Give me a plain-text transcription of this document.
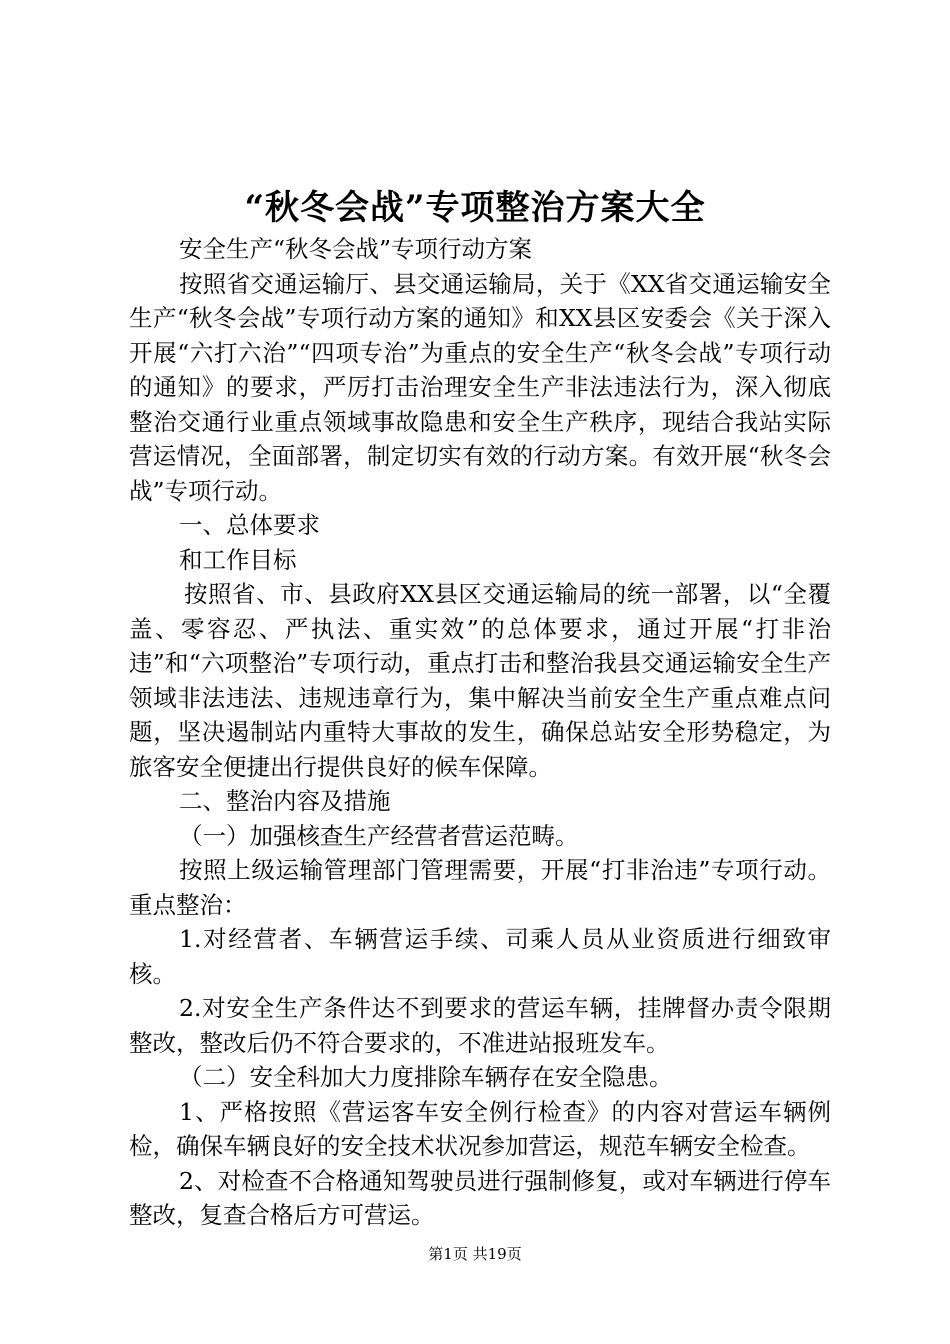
“秋冬会战”专项整治方案大全

安全生产“秋冬会战”专项行动方案

按照省交通运输厅、县交通运输局，关于《XX省交通运输安全生产“秋冬会战”专项行动方案的通知》和XX县区安委会《关于深入开展“六打六治”“四项专治”为重点的安全生产“秋冬会战”专项行动的通知》的要求，严厉打击治理安全生产非法违法行为，深入彻底整治交通行业重点领域事故隐患和安全生产秩序，现结合我站实际营运情况，全面部署，制定切实有效的行动方案。有效开展“秋冬会战”专项行动。

一、总体要求

和工作目标

按照省、市、县政府XX县区交通运输局的统一部署，以“全覆盖、零容忍、严执法、重实效”的总体要求，通过开展“打非治违”和“六项整治”专项行动，重点打击和整治我县交通运输安全生产领域非法违法、违规违章行为，集中解决当前安全生产重点难点问题，坚决遏制站内重特大事故的发生，确保总站安全形势稳定，为旅客安全便捷出行提供良好的候车保障。

二、整治内容及措施

（一）加强核查生产经营者营运范畴。

按照上级运输管理部门管理需要，开展“打非治违”专项行动。重点整治：

1.对经营者、车辆营运手续、司乘人员从业资质进行细致审核。

2.对安全生产条件达不到要求的营运车辆，挂牌督办责令限期整改，整改后仍不符合要求的，不准进站报班发车。

（二）安全科加大力度排除车辆存在安全隐患。

1、严格按照《营运客车安全例行检查》的内容对营运车辆例检，确保车辆良好的安全技术状况参加营运，规范车辆安全检查。

2、对检查不合格通知驾驶员进行强制修复，或对车辆进行停车整改，复查合格后方可营运。

第1页 共19页
